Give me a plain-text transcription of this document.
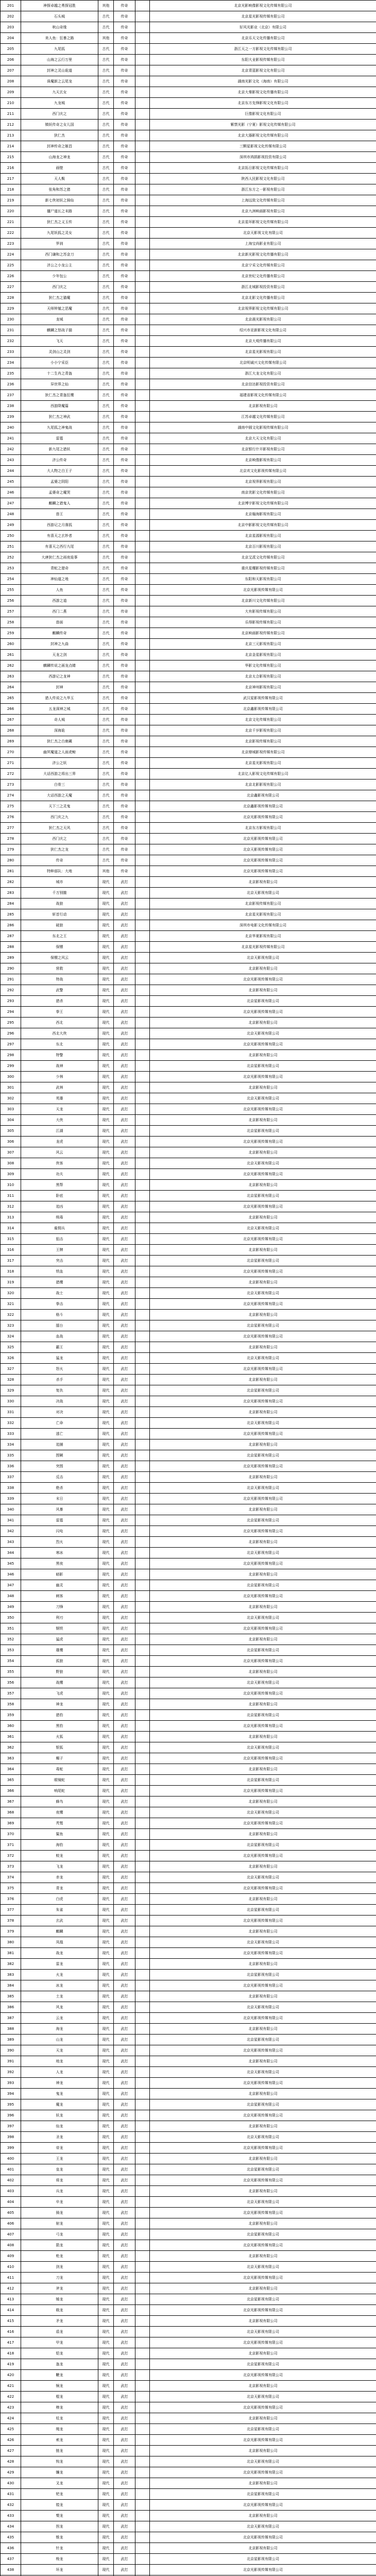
201	神探卓越之勇探冠胜	其他	传奇		北京光影映像影视文化传媒有限公司
202	石头城	古代	传奇		北京星光影视传媒有限公司
203	秋山奇缘	古代	传奇		好风光影业（北京）有限公司
204	美人鱼：狂暴之路	其他	传奇		北京乐天文化传播有限公司
205	九尾狐	古代	传奇		浙江天之一方影视文化传媒有限公司
206	山海之云行万里	古代	传奇		东阳大业影视传媒有限公司
207	封神之灵山诡道	古代	传奇		北京青蓝影视文化有限公司
208	诛魔新之云尾龙	古代	传奇		湖南光影文化（海南）有限公司
209	九天玄女	古代	传奇		北京大秦影视文化传播有限公司
210	九龙城	古代	传奇		北京东方先锋影视文化有限公司
211	西门庆之	古代	传奇		巨像影视文化有限公司
212	镇妖传奇之女儿国	古代	传奇		紫禁光影（宁夏）影视文化传媒有限公司
213	狄仁杰	古代	传奇		北京大器影视文化传媒有限公司
214	封神传奇之姬昌	古代	传奇		三颗星影视文化传媒有限公司
215	山海龙之神龙	古代	传奇		深圳市鸿鹄影视投资有限公司
216	画壁	古代	传奇		北京拓日影视文化传媒有限公司
217	天人鬓	古代	传奇		陕西人民影视文化有限公司
218	张角和苏之猪	古代	传奇		浙江东方之一影视有限公司
219	新七侠初妖之骑仙	古代	传奇		上海远致文化传媒有限公司
220	僵尸道长之末路	古代	传奇		北京九洲映画影视有限公司
221	狄仁杰之义玉传	古代	传奇		北京星环影视文化传媒有限公司
222	九尾妖狐之灵女	古代	传奇		北京天影视文化有限公司
223	罗刹	古代	传奇		上海宝尚影业有限公司
224	西门谦和之苏金刀	古代	传奇		北京新光影视文化传播有限公司
225	济公之小龙公主	古代	传奇		北京宁采文化传媒有限公司
226	少年包公	古代	传奇		北京世纪文化传播有限公司
227	西门庆之	古代	传奇		浙江北城影视投资有限公司
228	狄仁杰之猫魔	古代	传奇		北京北影文化传播有限公司
229	天师钟馗之恶魔	古代	传奇		北京视界影视文化传媒有限公司
230	龙城	古代	传奇		北京晨光影视有限公司
231	麒麟之怒战子猫	古代	传奇		绍兴市亚新影视文化有限公司
232	飞天	古代	传奇		北京大观传播有限公司
233	灵剑山之灵剑	古代	传奇		北京星光影视有限公司
234	小小宁采臣	古代	传奇		北京明诚兴文化传媒有限公司
235	十二生肖之青盔	古代	传奇		浙江大龙文化有限公司
236	异世界之仙	古代	传奇		北京信达影视投资有限公司
237	狄仁杰之青盔狂鹰	古代	传奇		福建省影视文化传媒有限公司
238	西游降魔篇	古代	传奇		北京影视有限公司
239	狄仁杰之神武	古代	传奇		江苏卓越文化传媒有限公司
240	九尾狐之神鬼战	古代	传奇		湖南中圆文化影视传媒有限公司
241	雷霆	古代	传奇		北京大天文化有限公司
242	新九尾之猎妖	古代	传奇		北京银行什开影视有限公司
243	济公传奇	古代	传奇		北京映像影视有限公司
244	大人物之白王子	古代	传奇		北京欢文化影视传媒有限公司
245	孟婆之阴阳	古代	传奇		北京视界影视有限公司
246	孟婆奇之魔哭	古代	传奇		南京优影文化传媒有限公司
247	麒麟之猎鬼人	古代	传奇		北京博宇影视文化传媒有限公司
248	兽王	古代	传奇		北京翰海影视有限公司
249	西游记之月落狐	古代	传奇		北京中影影视文化传媒有限公司
250	有喜天之玄妙者	古代	传奇		北京星源影视有限公司
251	有喜天之西行九尾	古代	传奇		北京百川影视有限公司
252	大唐狄仁杰之雨夜诡事	古代	传奇		北京艾派文化传媒有限公司
253	青蛇之猎奇	古代	传奇		重庆星耀影视传媒有限公司
254	神仙道之地	古代	传奇		东阳和天影视有限公司
255	人鱼	古代	传奇		北京光影视传媒有限公司
256	西游之道	古代	传奇		北京新川文化传媒有限公司
257	西门二燕	古代	传奇		大有影视传媒有限公司
258	兽面	古代	传奇		乐得影视传媒有限公司
259	麒麟传奇	古代	传奇		北京映画影视传媒有限公司
260	封神之九曲	古代	传奇		北京三元影视有限公司
261	天龙之剑	古代	传奇		北京金星影视有限公司
262	麒麟传说之画龙点睛	古代	传奇		华影文化传媒有限公司
263	西游记之龙神	古代	传奇		北京太合影视有限公司
264	封神	古代	传奇		北京神州影视有限公司
265	猎人传说之九华玉	古代	传奇		武汉星影视传媒有限公司
266	五龙洞神之城	古代	传奇		北京鑫影视传媒有限公司
267	奇人城	古代	传奇		北京文化传媒有限公司
268	深海诡	古代	传奇		北京千岁影视有限公司
269	狄仁杰之白鹿藏	古代	传奇		北京影视传媒有限公司
270	幽冥魔道之人面虎鲸	古代	传奇		北京鼎城影视传媒有限公司
271	济公之妖	古代	传奇		北京星光影视有限公司
272	大话西游之将出三界	古代	传奇		北京亿人影视文化传媒有限公司
273	白骨三	古代	传奇		北京北影影视有限公司
274	大话西游之天魔	古代	传奇		北京鑫影视有限公司
275	天下三之灵鬼	古代	传奇		北京鑫影视传媒有限公司
276	西门庆之九	古代	传奇		北京光影视传媒有限公司
277	狄仁杰之天风	古代	传奇		北京东方影视有限公司
278	西门庆之	古代	传奇		北京光影视传媒有限公司
279	狄仁杰之龙	古代	传奇		北京天影视传媒有限公司
280	传奇	古代	传奇		北京光影视传媒有限公司
281	特种部队：大地	其他	传奇		北京光影视传媒有限公司
282	城市	现代	武打		北京影视有限公司
283	千万别撤	现代	武打		北京天影视有限公司
284	战狼	现代	武打		北京影视传媒有限公司
285	斩首行动	现代	武打		北京星光影视有限公司
286	破狼	现代	武打		深圳市电影文化传媒有限公司
287	东北之王	现代	武打		北京华夏影视有限公司
288	保镖	现代	武打		北京星光影视传媒有限公司
289	保镖之风云	现代	武打		北京天影视有限公司
290	营救	现代	武打		北京影视有限公司
291	特战	现代	武打		北京光影视传媒有限公司
292	武警	现代	武打		北京影视有限公司
293	猎杀	现代	武打		北京星影视有限公司
294	拳王	现代	武打		北京光影视传媒有限公司
295	西北	现代	武打		北京影视有限公司
296	西北大侠	现代	武打		北京天影视有限公司
297	东北	现代	武打		北京光影视传媒有限公司
298	特警	现代	武打		北京影视有限公司
299	战神	现代	武打		北京星影视有限公司
300	少林	现代	武打		北京光影视传媒有限公司
301	武林	现代	武打		北京影视有限公司
302	英雄	现代	武打		北京天影视有限公司
303	天龙	现代	武打		北京光影视传媒有限公司
304	大侠	现代	武打		北京影视有限公司
305	江湖	现代	武打		北京星影视有限公司
306	龙虎	现代	武打		北京光影视传媒有限公司
307	风云	现代	武打		北京影视有限公司
308	侠客	现代	武打		北京天影视有限公司
309	功夫	现代	武打		北京光影视传媒有限公司
310	黑帮	现代	武打		北京影视有限公司
311	卧底	现代	武打		北京星影视有限公司
312	追凶	现代	武打		北京光影视传媒有限公司
313	缉毒	现代	武打		北京影视有限公司
314	雇佣兵	现代	武打		北京天影视有限公司
315	狙击	现代	武打		北京光影视传媒有限公司
316	王牌	现代	武打		北京影视有限公司
317	突击	现代	武打		北京星影视有限公司
318	铁血	现代	武打		北京光影视传媒有限公司
319	猎鹰	现代	武打		北京影视有限公司
320	战士	现代	武打		北京天影视有限公司
321	拳击	现代	武打		北京光影视传媒有限公司
322	格斗	现代	武打		北京影视有限公司
323	擂台	现代	武打		北京星影视有限公司
324	血战	现代	武打		北京光影视传媒有限公司
325	霸王	现代	武打		北京影视有限公司
326	猛龙	现代	武打		北京天影视有限公司
327	怒火	现代	武打		北京光影视传媒有限公司
328	杀手	现代	武打		北京影视有限公司
329	复仇	现代	武打		北京星影视有限公司
330	决战	现代	武打		北京光影视传媒有限公司
331	对决	现代	武打		北京影视有限公司
332	亡命	现代	武打		北京天影视有限公司
333	逃亡	现代	武打		北京光影视传媒有限公司
334	追捕	现代	武打		北京影视有限公司
335	围剿	现代	武打		北京星影视有限公司
336	突围	现代	武打		北京光影视传媒有限公司
337	反击	现代	武打		北京影视有限公司
338	绝杀	现代	武打		北京天影视有限公司
339	末日	现代	武打		北京光影视传媒有限公司
340	风暴	现代	武打		北京影视有限公司
341	雷霆	现代	武打		北京星影视有限公司
342	闪电	现代	武打		北京光影视传媒有限公司
343	烈火	现代	武打		北京影视有限公司
344	寒冰	现代	武打		北京天影视有限公司
345	黑夜	现代	武打		北京光影视传媒有限公司
346	暗影	现代	武打		北京影视有限公司
347	幽灵	现代	武打		北京星影视有限公司
348	刺客	现代	武打		北京光影视传媒有限公司
349	刀锋	现代	武打		北京影视有限公司
350	利刃	现代	武打		北京天影视有限公司
351	钢铁	现代	武打		北京光影视传媒有限公司
352	猛虎	现代	武打		北京影视有限公司
353	雄鹰	现代	武打		北京星影视有限公司
354	孤狼	现代	武打		北京光影视传媒有限公司
355	野狼	现代	武打		北京影视有限公司
356	战鹰	现代	武打		北京天影视有限公司
357	飞虎	现代	武打		北京光影视传媒有限公司
358	神龙	现代	武打		北京影视有限公司
359	猎豹	现代	武打		北京星影视有限公司
360	黑豹	现代	武打		北京光影视传媒有限公司
361	火狐	现代	武打		北京影视有限公司
362	银狐	现代	武打		北京天影视有限公司
363	蝎子	现代	武打		北京光影视传媒有限公司
364	毒蛇	现代	武打		北京影视有限公司
365	眼镜蛇	现代	武打		北京星影视有限公司
366	响尾蛇	现代	武打		北京光影视传媒有限公司
367	蜂鸟	现代	武打		北京影视有限公司
368	夜鹰	现代	武打		北京天影视有限公司
369	秃鹫	现代	武打		北京光影视传媒有限公司
370	鲨鱼	现代	武打		北京影视有限公司
371	海豹	现代	武打		北京星影视有限公司
372	蛟龙	现代	武打		北京光影视传媒有限公司
373	飞龙	现代	武打		北京影视有限公司
374	赤龙	现代	武打		北京天影视有限公司
375	青龙	现代	武打		北京光影视传媒有限公司
376	白虎	现代	武打		北京影视有限公司
377	朱雀	现代	武打		北京星影视有限公司
378	玄武	现代	武打		北京光影视传媒有限公司
379	麒麟	现代	武打		北京影视有限公司
380	凤凰	现代	武打		北京天影视有限公司
381	战龙	现代	武打		北京光影视传媒有限公司
382	雷龙	现代	武打		北京影视有限公司
383	火龙	现代	武打		北京星影视有限公司
384	冰龙	现代	武打		北京光影视传媒有限公司
385	土龙	现代	武打		北京影视有限公司
386	风龙	现代	武打		北京天影视有限公司
387	云龙	现代	武打		北京光影视传媒有限公司
388	海龙	现代	武打		北京影视有限公司
389	山龙	现代	武打		北京星影视有限公司
390	天龙	现代	武打		北京光影视传媒有限公司
391	地龙	现代	武打		北京影视有限公司
392	人龙	现代	武打		北京天影视有限公司
393	神龙	现代	武打		北京光影视传媒有限公司
394	鬼龙	现代	武打		北京影视有限公司
395	魔龙	现代	武打		北京星影视有限公司
396	妖龙	现代	武打		北京光影视传媒有限公司
397	仙龙	现代	武打		北京影视有限公司
398	圣龙	现代	武打		北京天影视有限公司
399	帝龙	现代	武打		北京光影视传媒有限公司
400	王龙	现代	武打		北京影视有限公司
401	皇龙	现代	武打		北京星影视有限公司
402	将龙	现代	武打		北京光影视传媒有限公司
403	兵龙	现代	武打		北京影视有限公司
404	卒龙	现代	武打		北京天影视有限公司
405	骑龙	现代	武打		北京光影视传媒有限公司
406	射龙	现代	武打		北京影视有限公司
407	弓龙	现代	武打		北京星影视有限公司
408	箭龙	现代	武打		北京光影视传媒有限公司
409	枪龙	现代	武打		北京影视有限公司
410	剑龙	现代	武打		北京天影视有限公司
411	刀龙	现代	武打		北京光影视传媒有限公司
412	斧龙	现代	武打		北京影视有限公司
413	锤龙	现代	武打		北京星影视有限公司
414	戟龙	现代	武打		北京光影视传媒有限公司
415	矛龙	现代	武打		北京影视有限公司
416	盾龙	现代	武打		北京天影视有限公司
417	甲龙	现代	武打		北京光影视传媒有限公司
418	铠龙	现代	武打		北京影视有限公司
419	盔龙	现代	武打		北京星影视有限公司
420	鞭龙	现代	武打		北京光影视传媒有限公司
421	锏龙	现代	武打		北京影视有限公司
422	棍龙	现代	武打		北京天影视有限公司
423	棒龙	现代	武打		北京光影视传媒有限公司
424	杖龙	现代	武打		北京影视有限公司
425	绳龙	现代	武打		北京星影视有限公司
426	索龙	现代	武打		北京光影视传媒有限公司
427	链龙	现代	武打		北京影视有限公司
428	钩龙	现代	武打		北京天影视有限公司
429	镰龙	现代	武打		北京光影视传媒有限公司
430	叉龙	现代	武打		北京影视有限公司
431	钯龙	现代	武打		北京星影视有限公司
432	镗龙	现代	武打		北京光影视传媒有限公司
433	槊龙	现代	武打		北京影视有限公司
434	拐龙	现代	武打		北京天影视有限公司
435	锥龙	现代	武打		北京光影视传媒有限公司
436	针龙	现代	武打		北京影视有限公司
437	梭龙	现代	武打		北京星影视有限公司
438	环龙	现代	武打		北京光影视传媒有限公司
